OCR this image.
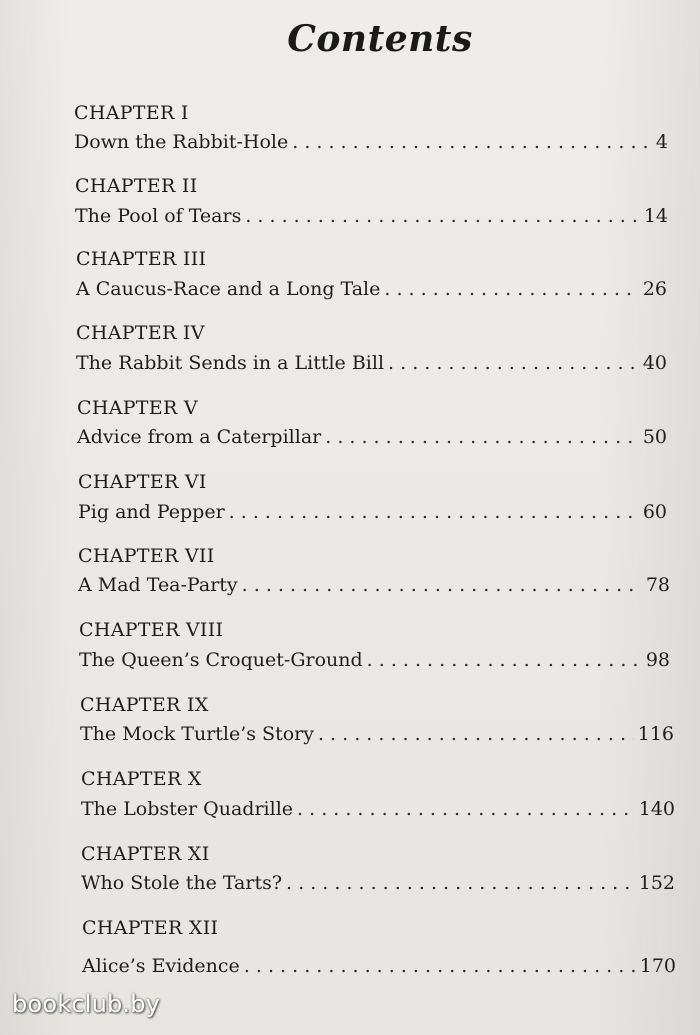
Contents
CHAPTER I
Down the Rabbit-Hole . . .	4
CHAPTER II
The Pool of Tears . . .	14
CHAPTER III
A Caucus-Race and a Long Tale . . .	26
CHAPTER IV
The Rabbit Sends in a Little Bill . . .	40
CHAPTER V
Advice from a Caterpillar . . .	50
CHAPTER VI
Pig and Pepper . . .	60
CHAPTER VII
A Mad Tea-Party . . .	78
CHAPTER VIII
The Queen’s Croquet-Ground . . .	98
CHAPTER IX
The Mock Turtle’s Story . . .	116
CHAPTER X
The Lobster Quadrille . . .	140
CHAPTER XI
Who Stole the Tarts? . . .	152
CHAPTER XII
Alice’s Evidence . . .	170
bookclub.by
